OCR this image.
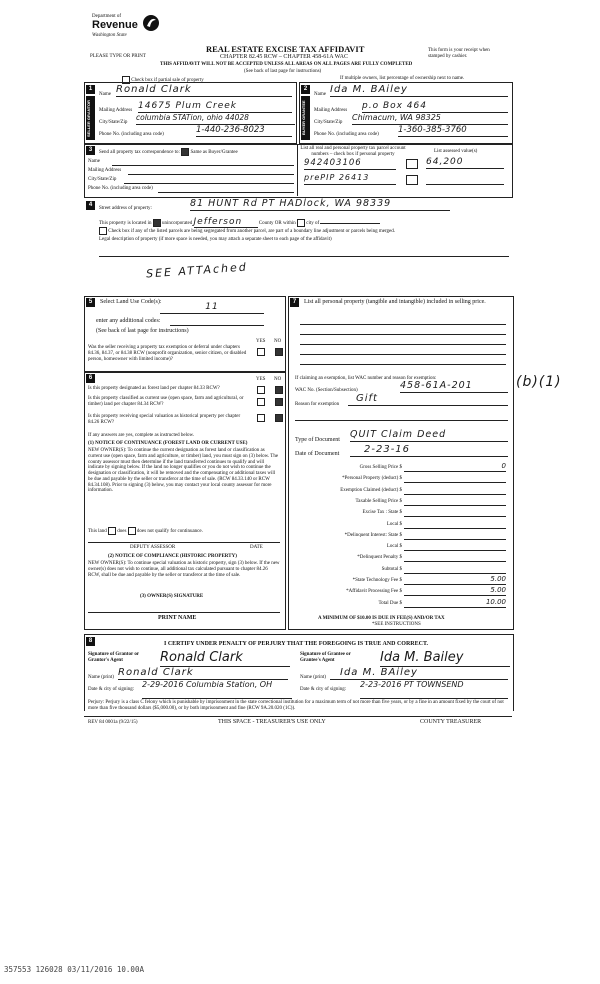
Department of
Revenue
Washington State
PLEASE TYPE OR PRINT
REAL ESTATE EXCISE TAX AFFIDAVIT
CHAPTER 82.45 RCW – CHAPTER 458-61A WAC
THIS AFFIDAVIT WILL NOT BE ACCEPTED UNLESS ALL AREAS ON ALL PAGES ARE FULLY COMPLETED
(See back of last page for instructions)
This form is your receipt when stamped by cashier.
Check box if partial sale of property	If multiple owners, list percentage of ownership next to name.
1	2
SELLER GRANTOR	BUYER GRANTEE
Name Ronald Clark
Mailing Address 14675 Plum Creek
City/State/Zip
columbia STATion, ohio 44028
Phone No. (including area code)	1-440-236-8023
Name Ida M. BAiley
Mailing Address p.o Box 464
City/State/Zip
Chimacum, WA 98325
Phone No. (including area code) 1-360-385-3760
3	Send all property tax correspondence to: Same as Buyer/Grantee
Name
Mailing Address
City/State/Zip
Phone No. (including area code)
List all real and personal property tax parcel account numbers – check box if personal property
List assessed value(s)
942403106	64,200
prePIP 26413
4
Street address of property:	81 HUNT Rd PT HADlock, WA 98339
This property is located in unincorporated Jefferson	County OR within city of
Check box if any of the listed parcels are being segregated from another parcel, are part of a boundary line adjustment or parcels being merged.
Legal description of property (if more space is needed, you may attach a separate sheet to each page of the affidavit)
SEE ATTAched
5	Select Land Use Code(s):	11
enter any additional codes:
(See back of last page for instructions)
YES NO
Was the seller receiving a property tax exemption or deferral under chapters 84.36, 84.37, or 84.38 RCW (nonprofit organization, senior citizen, or disabled person, homeowner with limited income)?
6	YES NO
Is this property designated as forest land per chapter 84.33 RCW?
Is this property classified as current use (open space, farm and agricultural, or timber) land per chapter 84.34 RCW?
Is this property receiving special valuation as historical property per chapter 84.26 RCW?
If any answers are yes, complete as instructed below.
(1) NOTICE OF CONTINUANCE (FOREST LAND OR CURRENT USE)
NEW OWNER(S): To continue the current designation as forest land or classification as current use (open space, farm and agriculture, or timber) land, you must sign on (3) below. The county assessor must then determine if the land transferred continues to qualify and will indicate by signing below. If the land no longer qualifies or you do not wish to continue the designation or classification, it will be removed and the compensating or additional taxes will be due and payable by the seller or transferor at the time of sale. (RCW 84.33.140 or RCW 84.34.108). Prior to signing (3) below, you may contact your local county assessor for more information.
This land does does not qualify for continuance.
DEPUTY ASSESSOR	DATE
(2) NOTICE OF COMPLIANCE (HISTORIC PROPERTY)
NEW OWNER(S): To continue special valuation as historic property, sign (3) below. If the new owner(s) does not wish to continue, all additional tax calculated pursuant to chapter 84.26 RCW, shall be due and payable by the seller or transferor at the time of sale.
(3) OWNER(S) SIGNATURE
PRINT NAME
7	List all personal property (tangible and intangible) included in selling price.
If claiming an exemption, list WAC number and reason for exemption:
WAC No. (Section/Subsection)	458-61A-201	(b)(1)
Reason for exemption
Gift
Type of Document QUIT Claim Deed
Date of Document	2-23-16
Gross Selling Price $	0
*Personal Property (deduct) $
Exemption Claimed (deduct) $
Taxable Selling Price $
Excise Tax : State $
Local $
*Delinquent Interest: State $
Local $
*Delinquent Penalty $
Subtotal $
*State Technology Fee $	5.00
*Affidavit Processing Fee $	5.00
Total Due $	10.00
A MINIMUM OF $10.00 IS DUE IN FEE(S) AND/OR TAX
*SEE INSTRUCTIONS
8	I CERTIFY UNDER PENALTY OF PERJURY THAT THE FOREGOING IS TRUE AND CORRECT.
Signature of Grantor or Grantor's Agent	Ronald Clark
Name (print) Ronald Clark
Date & city of signing:
2-29-2016 Columbia Station, OH
Signature of Grantee or Grantee's Agent	Ida M. Bailey
Name (print)	Ida M. BAiley
Date & city of signing:
2-23-2016 PT TOWNSEND
Perjury: Perjury is a class C felony which is punishable by imprisonment in the state correctional institution for a maximum term of not more than five years, or by a fine in an amount fixed by the court of not more than five thousand dollars ($5,000.00), or by both imprisonment and fine (RCW 9A.20.020 (1C)).
REV 84 0001a (9/22/15)	THIS SPACE - TREASURER'S USE ONLY	COUNTY TREASURER
357553 126028 03/11/2016 10.00A
